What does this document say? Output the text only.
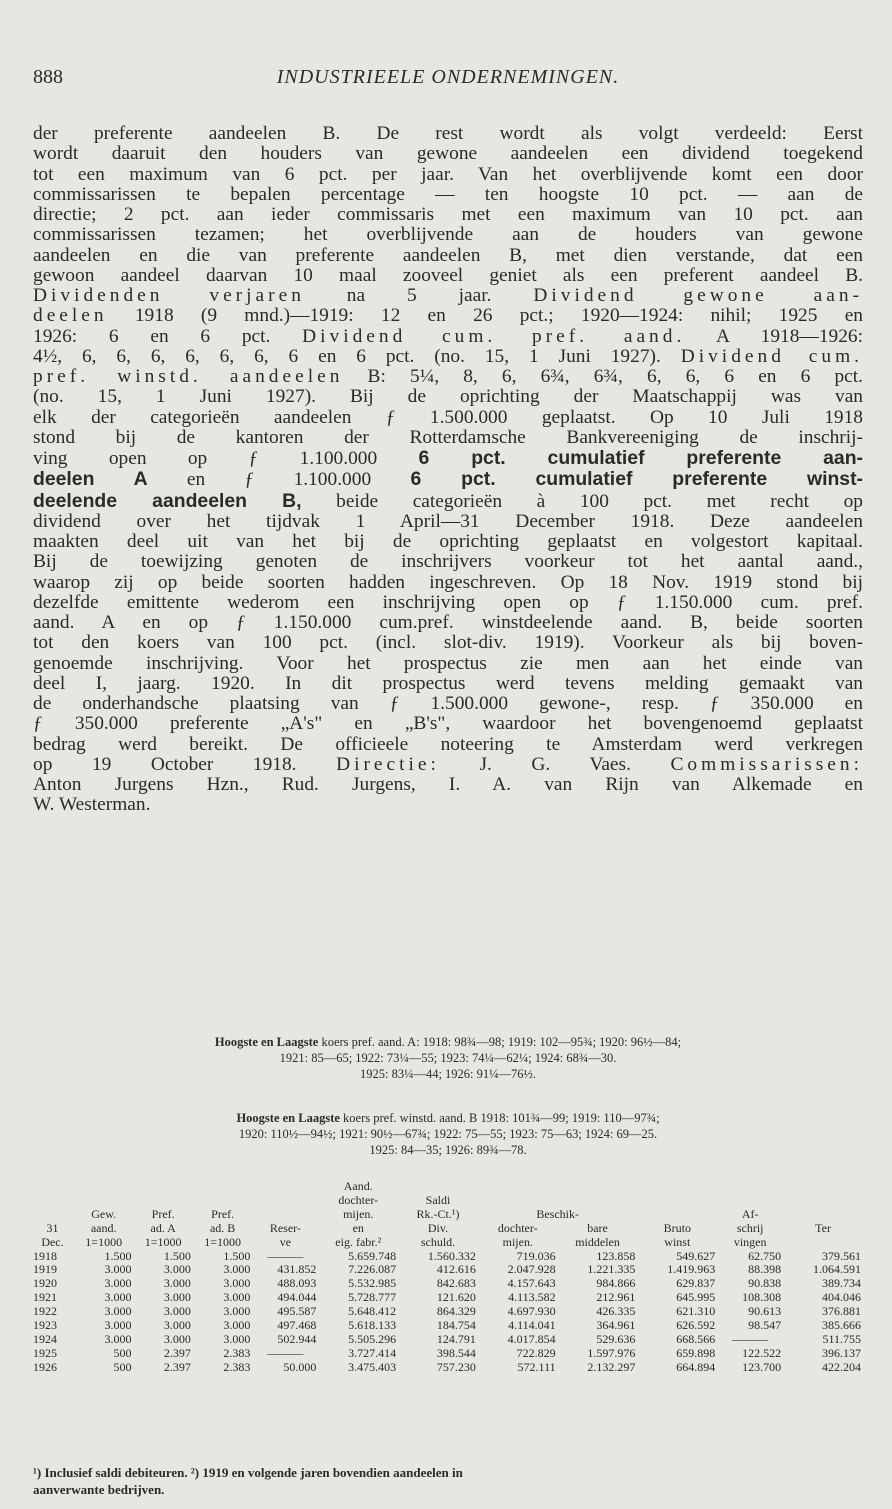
888	INDUSTRIEELE ONDERNEMINGEN.
der preferente aandeelen B. De rest wordt als volgt verdeeld: Eerst
wordt daaruit den houders van gewone aandeelen een dividend toegekend
tot een maximum van 6 pct. per jaar. Van het overblijvende komt een door
commissarissen te bepalen percentage — ten hoogste 10 pct. — aan de
directie; 2 pct. aan ieder commissaris met een maximum van 10 pct. aan
commissarissen tezamen; het overblijvende aan de houders van gewone
aandeelen en die van preferente aandeelen B, met dien verstande, dat een
gewoon aandeel daarvan 10 maal zooveel geniet als een preferent aandeel B.
Dividenden verjaren na 5 jaar. Dividend gewone aan-
deelen 1918 (9 mnd.)—1919: 12 en 26 pct.; 1920—1924: nihil; 1925 en
1926: 6 en 6 pct. Dividend cum. pref. aand. A 1918—1926:
4½, 6, 6, 6, 6, 6, 6, 6 en 6 pct. (no. 15, 1 Juni 1927). Dividend cum.
pref. winstd. aandeelen B: 5¼, 8, 6, 6¾, 6¾, 6, 6, 6 en 6 pct.
(no. 15, 1 Juni 1927). Bij de oprichting der Maatschappij was van
elk der categorieën aandeelen ƒ 1.500.000 geplaatst. Op 10 Juli 1918
stond bij de kantoren der Rotterdamsche Bankvereeniging de inschrij-
ving open op ƒ 1.100.000 6 pct. cumulatief preferente aan-
deelen A en ƒ 1.100.000 6 pct. cumulatief preferente winst-
deelende aandeelen B, beide categorieën à 100 pct. met recht op
dividend over het tijdvak 1 April—31 December 1918. Deze aandeelen
maakten deel uit van het bij de oprichting geplaatst en volgestort kapitaal.
Bij de toewijzing genoten de inschrijvers voorkeur tot het aantal aand.,
waarop zij op beide soorten hadden ingeschreven. Op 18 Nov. 1919 stond bij
dezelfde emittente wederom een inschrijving open op ƒ 1.150.000 cum. pref.
aand. A en op ƒ 1.150.000 cum.pref. winstdeelende aand. B, beide soorten
tot den koers van 100 pct. (incl. slot-div. 1919). Voorkeur als bij boven-
genoemde inschrijving. Voor het prospectus zie men aan het einde van
deel I, jaarg. 1920. In dit prospectus werd tevens melding gemaakt van
de onderhandsche plaatsing van ƒ 1.500.000 gewone-, resp. ƒ 350.000 en
ƒ 350.000 preferente „A's" en „B's", waardoor het bovengenoemd geplaatst
bedrag werd bereikt. De officieele noteering te Amsterdam werd verkregen
op 19 October 1918. Directie: J. G. Vaes. Commissarissen:
Anton Jurgens Hzn., Rud. Jurgens, I. A. van Rijn van Alkemade en
W. Westerman.
Hoogste en Laagste koers pref. aand. A: 1918: 98¾—98; 1919: 102—95¾; 1920: 96½—84;
1921: 85—65; 1922: 73¼—55; 1923: 74¼—62¼; 1924: 68¾—30.
1925: 83¼—44; 1926: 91¼—76½.
Hoogste en Laagste koers pref. winstd. aand. B 1918: 101¾—99; 1919: 110—97¾;
1920: 110½—94½; 1921: 90½—67¾; 1922: 75—55; 1923: 75—63; 1924: 69—25.
1925: 84—35; 1926: 89¾—78.
					Aand.						
					dochter-	Saldi					
	Gew.	Pref.	Pref.		mijen.	Rk.-Ct.¹)	Beschik-			Af-	
31	aand.	ad. A	ad. B	Reser-	en	Div.	dochter-	bare	Bruto	schrij	Ter
Dec.	1=1000	1=1000	1=1000	ve	eig. fabr.²	schuld.	mijen.	middelen	winst	vingen	
1918	1.500	1.500	1.500	———	5.659.748	1.560.332	719.036	123.858	549.627	62.750	379.561
1919	3.000	3.000	3.000	431.852	7.226.087	412.616	2.047.928	1.221.335	1.419.963	88.398	1.064.591
1920	3.000	3.000	3.000	488.093	5.532.985	842.683	4.157.643	984.866	629.837	90.838	389.734
1921	3.000	3.000	3.000	494.044	5.728.777	121.620	4.113.582	212.961	645.995	108.308	404.046
1922	3.000	3.000	3.000	495.587	5.648.412	864.329	4.697.930	426.335	621.310	90.613	376.881
1923	3.000	3.000	3.000	497.468	5.618.133	184.754	4.114.041	364.961	626.592	98.547	385.666
1924	3.000	3.000	3.000	502.944	5.505.296	124.791	4.017.854	529.636	668.566	———	511.755
1925	500	2.397	2.383	———	3.727.414	398.544	722.829	1.597.976	659.898	122.522	396.137
1926	500	2.397	2.383	50.000	3.475.403	757.230	572.111	2.132.297	664.894	123.700	422.204
¹) Inclusief saldi debiteuren. ²) 1919 en volgende jaren bovendien aandeelen in
aanverwante bedrijven.
